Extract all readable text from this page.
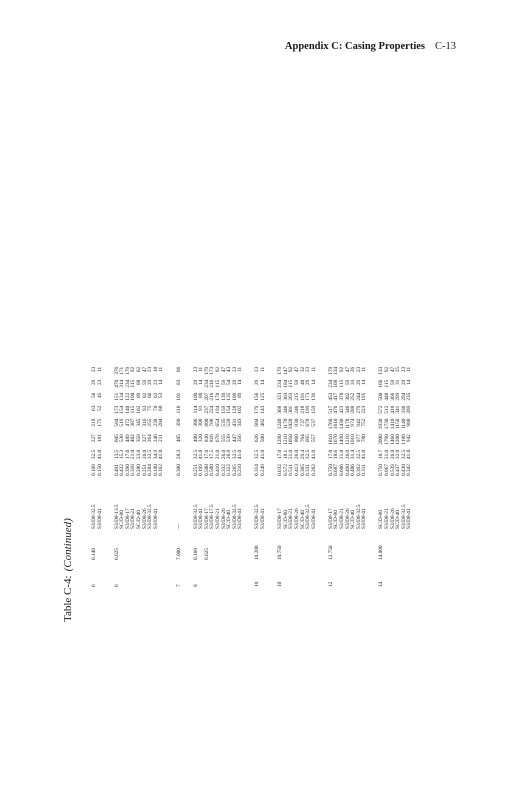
Appendix C: Casing Properties C-13
Table C-4:(Continued)
6	6.140	S3/D8-32.5	0.189	32.5	227	218	63	56	29	23
		S3/D8-41	0.150	41.0	181	175	52	45	23	11
6	6.625	S3/D8-13.5	0.491	13.5	605	584	173	151	470	376
		SC/D-80	0.432	15.3	538	519	154	134	314	171
		S3/D8-17	0.390	17.0	489	472	140	122	234	179
		S3/D8-21	0.316	21.0	402	387	115	100	115	92
		SC/D-40	0.280	23.0	358	345	102	89	88	62
		S3/D8-26	0.251	26.0	327	316	93	82	59	47
		S3/D8-32.5	0.204	32.5	264	255	75	66	29	23
		S3/D8-41	0.180	34.9	246	238	70	62	23	18
			0.162	41.0	211	204	60	53	14	11
7	7.000	—	0.300	28.3	405	390	116	101	83	66
8	8.160	S3/D8-32.5	0.251	32.5	400	386	114	100	29	23
		S3/D8-41	0.199	41.0	320	308	91	80	14	11
	8.625	S3/D8-17	0.508	17.0	830	800	237	207	234	179
		S3/D8-17.5	0.500	17.5	816	788	224	216	216	173
		S3/D8-21	0.410	21.0	678	654	194	170	115	92
		S3/D8-26	0.332	26.0	555	535	159	139	59	47
		SC/D-40	0.322	26.8	539	520	154	135	54	43
		S3/D8-32.5	0.265	32.5	447	431	128	109	29	23
		S3/D8-41	0.210	41.0	356	343	102	89	14	11
10	10.200	S3/D8-32.5	0.314	32.5	626	604	179	156	29	23
		S3/D8-41	0.249	41.0	500	482	143	125	14	11
10	10.750	S3/D8-17	0.632	17.0	1290	1240	368	323	234	179
		SC/D-80	0.572	18.1	1210	1170	346	303	184	147
		S3/D8-21	0.511	21.0	1050	1020	301	263	115	92
		S3/D8-26	0.413	26.0	860	830	246	215	59	47
		SC/D-40	0.365	29.4	764	737	218	191	40	32
		S3/D8-32.5	0.331	32.5	695	670	199	173	29	23
		S3/D8-41	0.262	41.0	557	537	159	139	14	11
12	12.750	S3/D8-17	0.750	17.0	1810	1760	517	453	234	179
		SC/D-80	0.687	18.6	1670	1610	476	417	168	134
		S3/D8-21	0.606	21.0	1490	1430	423	370	115	92
		S3/D8-26	0.490	26.0	1210	1170	346	302	59	47
		SC/D-40	0.406	31.4	1010	974	288	252	33	26
		S3/D8-32.5	0.392	32.5	977	942	279	244	29	23
		S3/D8-41	0.311	41.0	780	752	223	195	14	11
14	14.000	SC/D-80	0.750	18.7	2000	1930	572	500	166	133
		S3/D8-21	0.667	21.0	1790	1730	512	448	115	92
		S3/D8-26	0.539	26.0	1460	1410	418	366	59	47
		SC/D-40	0.437	32.0	1200	1150	341	299	31	25
		S3/D8-32.5	0.430	32.5	1180	1140	336	294	29	23
		S3/D8-41	0.342	41.0	942	908	269	235	14	11
